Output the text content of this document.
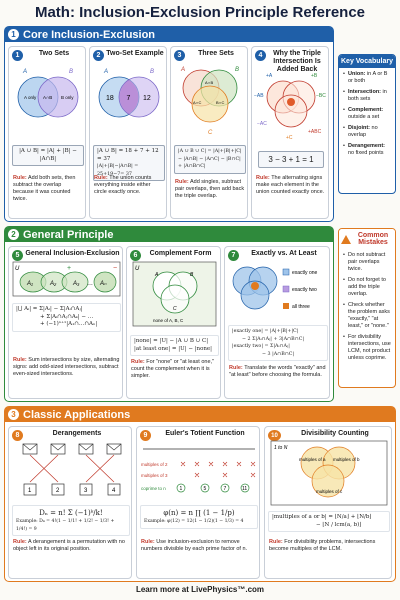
Math: Inclusion-Exclusion Principle Reference
1 Core Inclusion-Exclusion
1	Two Sets
A	B
A only A∩B B only
|A ∪ B| = |A| + |B| − |A∩B|
Rule: Add both sets, then subtract the overlap because it was counted twice.
2 Two-Set Example
A	B
18 7 12
|A ∪ B| = 18 + 7 + 12 = 37
|A|+|B|−|A∩B| = 25+19−7= 37
Rule: The union counts everything inside either circle exactly once.
3	Three Sets
A	B
C
A∩B
A∩C	B∩C
|A ∪ B ∪ C| = |A|+|B|+|C|
− |A∩B| − |A∩C| − |B∩C|
+ |A∩B∩C|
Rule: Add singles, subtract pair overlaps, then add back the triple overlap.
4	Why the Triple
Intersection Is Added Back
+A	+B
−AB	−BC
+C
−AC
+ABC
3 − 3 + 1 = 1
Rule: The alternating signs make each element in the union counted exactly once.
Key Vocabulary
• Union: in A or B or both
• Intersection: in both sets
• Complement: outside a set
• Disjoint: no overlap
• Derangement: no fixed points
Common Mistakes
• Do not subtract pair overlaps twice.
• Do not forget to add the triple overlap.
• Check whether the problem asks "exactly," "at least," or "none."
• For divisibility intersections, use LCM, not product unless coprime.
2 General Principle
5 General Inclusion-Exclusion
U	+	−
A₁	A₂	A₃ … Aₙ
|⋃ Aᵢ| = Σ|Aᵢ| − Σ|Aᵢ∩Aⱼ|
+ Σ|Aᵢ∩Aⱼ∩Aₖ| − …
+ (−1)ⁿ⁺¹|A₁∩…∩Aₙ|
Rule: Sum intersections by size, alternating signs: add odd-sized intersections, subtract even-sized intersections.
6	Complement Form
U
A	B
C
none of A, B, C
|none| = |U| − |A ∪ B ∪ C|
|at least one| = |U| − |none|
Rule: For "none" or "at least one," count the complement when it is simpler.
7	Exactly vs. At Least
exactly one
exactly two
all three
|exactly one| = |A|+|B|+|C|
− 2 Σ|Aᵢ∩Aⱼ| + 3|A∩B∩C|
|exactly two| = Σ|Aᵢ∩Aⱼ|
− 3 |A∩B∩C|
Rule: Translate the words "exactly" and "at least" before choosing the formula.
3 Classic Applications
8	Derangements
1	2	3	4
Dₙ = n! Σ (−1)ᵏ/k!
Example: D₄ = 4!(1 − 1/1! + 1/2! − 1/3! + 1/4!) = 9
Rule: A derangement is a permutation with no object left in its original position.
9	Euler's Totient Function
multiples of 2
multiples of 3
coprime to n	1	5	7	11
φ(n) = n ∏ (1 − 1/p)
Example: φ(12) = 12(1 − 1/2)(1 − 1/3) = 4
Rule: Use inclusion-exclusion to remove numbers divisible by each prime factor of n.
10	Divisibility Counting
1 to N
multiples of a multiples of b
multiples of c
|multiples of a or b| = ⌊N/a⌋ + ⌊N/b⌋
− ⌊N / lcm(a, b)⌋
Rule: For divisibility problems, intersections become multiples of the LCM.
Learn more at LivePhysics™.com
